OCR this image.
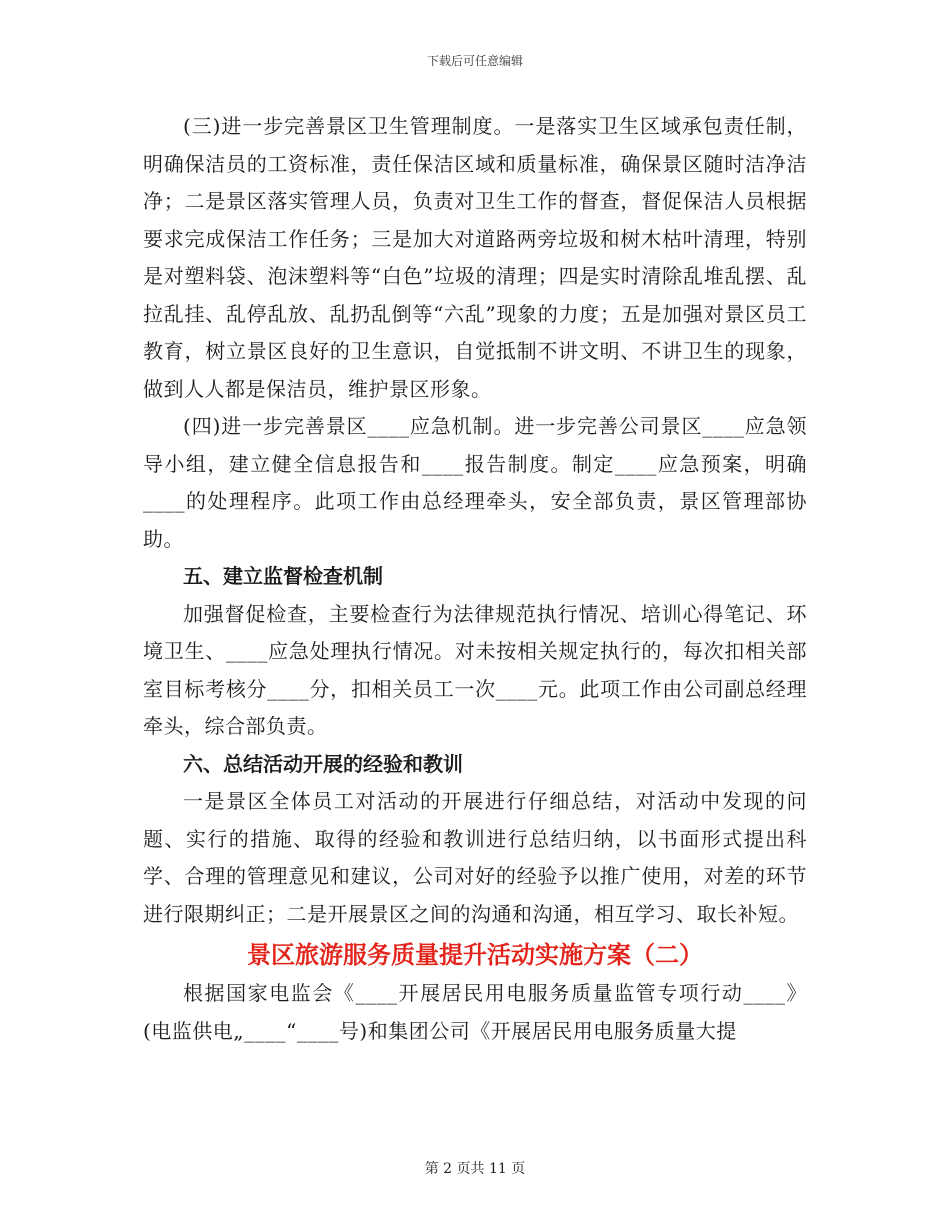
下载后可任意编辑

(三)进一步完善景区卫生管理制度。一是落实卫生区域承包责任制，明确保洁员的工资标准，责任保洁区域和质量标准，确保景区随时洁净洁净；二是景区落实管理人员，负责对卫生工作的督查，督促保洁人员根据要求完成保洁工作任务；三是加大对道路两旁垃圾和树木枯叶清理，特别是对塑料袋、泡沫塑料等“白色”垃圾的清理；四是实时清除乱堆乱摆、乱拉乱挂、乱停乱放、乱扔乱倒等“六乱”现象的力度；五是加强对景区员工教育，树立景区良好的卫生意识，自觉抵制不讲文明、不讲卫生的现象，做到人人都是保洁员，维护景区形象。

(四)进一步完善景区____应急机制。进一步完善公司景区____应急领导小组，建立健全信息报告和____报告制度。制定____应急预案，明确____的处理程序。此项工作由总经理牵头，安全部负责，景区管理部协助。

五、建立监督检查机制

加强督促检查，主要检查行为法律规范执行情况、培训心得笔记、环境卫生、____应急处理执行情况。对未按相关规定执行的，每次扣相关部室目标考核分____分，扣相关员工一次____元。此项工作由公司副总经理牵头，综合部负责。

六、总结活动开展的经验和教训

一是景区全体员工对活动的开展进行仔细总结，对活动中发现的问题、实行的措施、取得的经验和教训进行总结归纳，以书面形式提出科学、合理的管理意见和建议，公司对好的经验予以推广使用，对差的环节进行限期纠正；二是开展景区之间的沟通和沟通，相互学习、取长补短。

景区旅游服务质量提升活动实施方案（二）

根据国家电监会《____开展居民用电服务质量监管专项行动____》(电监供电„____“____号)和集团公司《开展居民用电服务质量大提

第 2 页共 11 页
